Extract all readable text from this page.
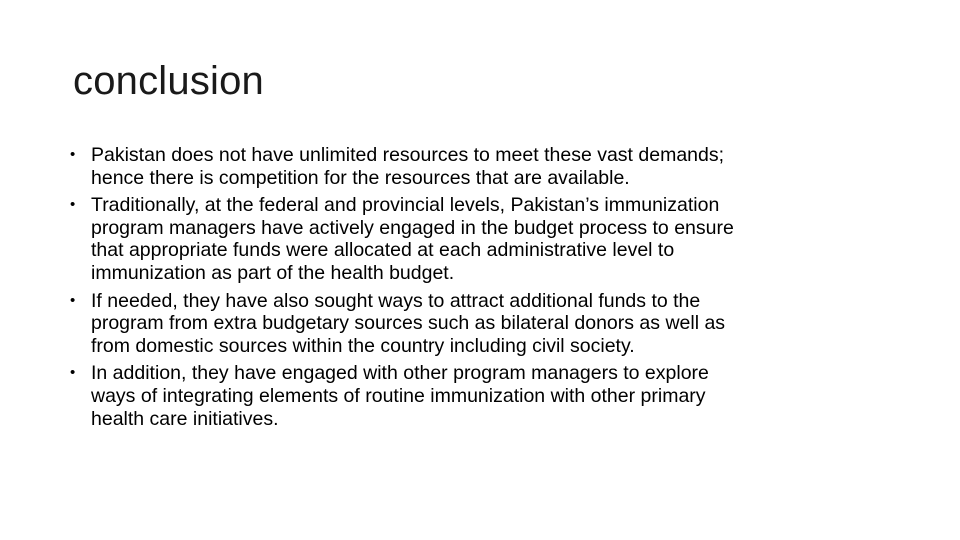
conclusion
• Pakistan does not have unlimited resources to meet these vast demands;
hence there is competition for the resources that are available.
• Traditionally, at the federal and provincial levels, Pakistan’s immunization
program managers have actively engaged in the budget process to ensure
that appropriate funds were allocated at each administrative level to
immunization as part of the health budget.
• If needed, they have also sought ways to attract additional funds to the
program from extra budgetary sources such as bilateral donors as well as
from domestic sources within the country including civil society.
• In addition, they have engaged with other program managers to explore
ways of integrating elements of routine immunization with other primary
health care initiatives.
